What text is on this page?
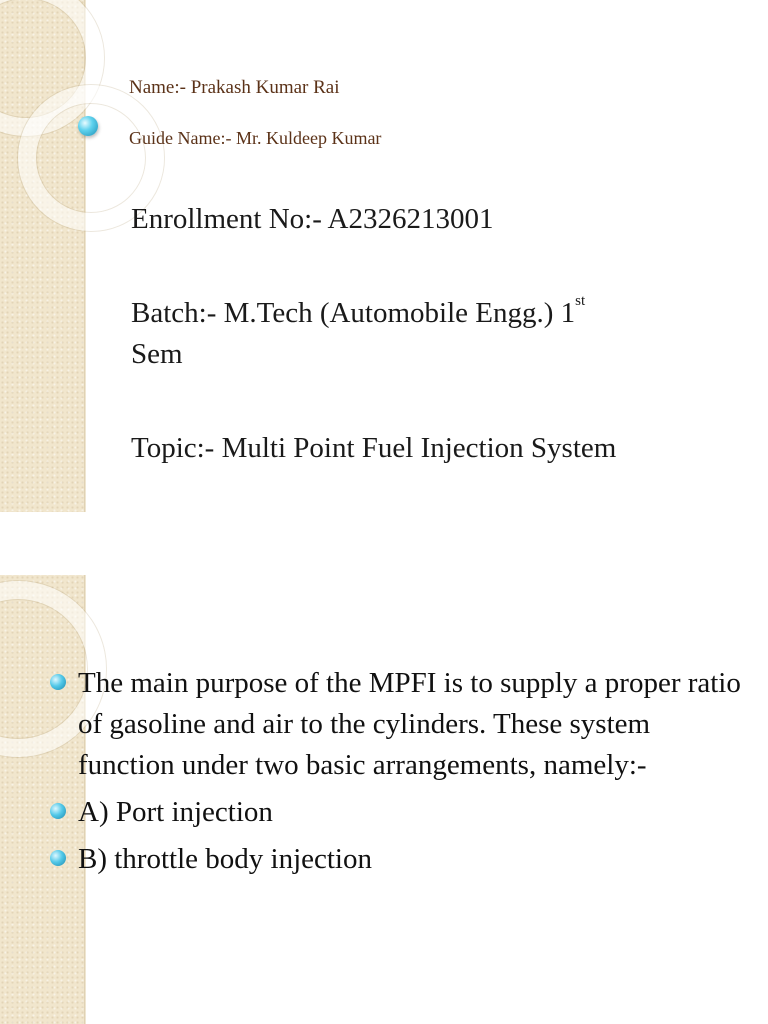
Name:- Prakash Kumar Rai
Guide Name:- Mr. Kuldeep Kumar
Enrollment No:- A2326213001
Batch:- M.Tech (Automobile Engg.) 1st
Sem
Topic:- Multi Point Fuel Injection System
The main purpose of the MPFI is to supply a proper ratio of gasoline and air to the cylinders. These system function under two basic arrangements, namely:-
A) Port injection
B) throttle body injection
